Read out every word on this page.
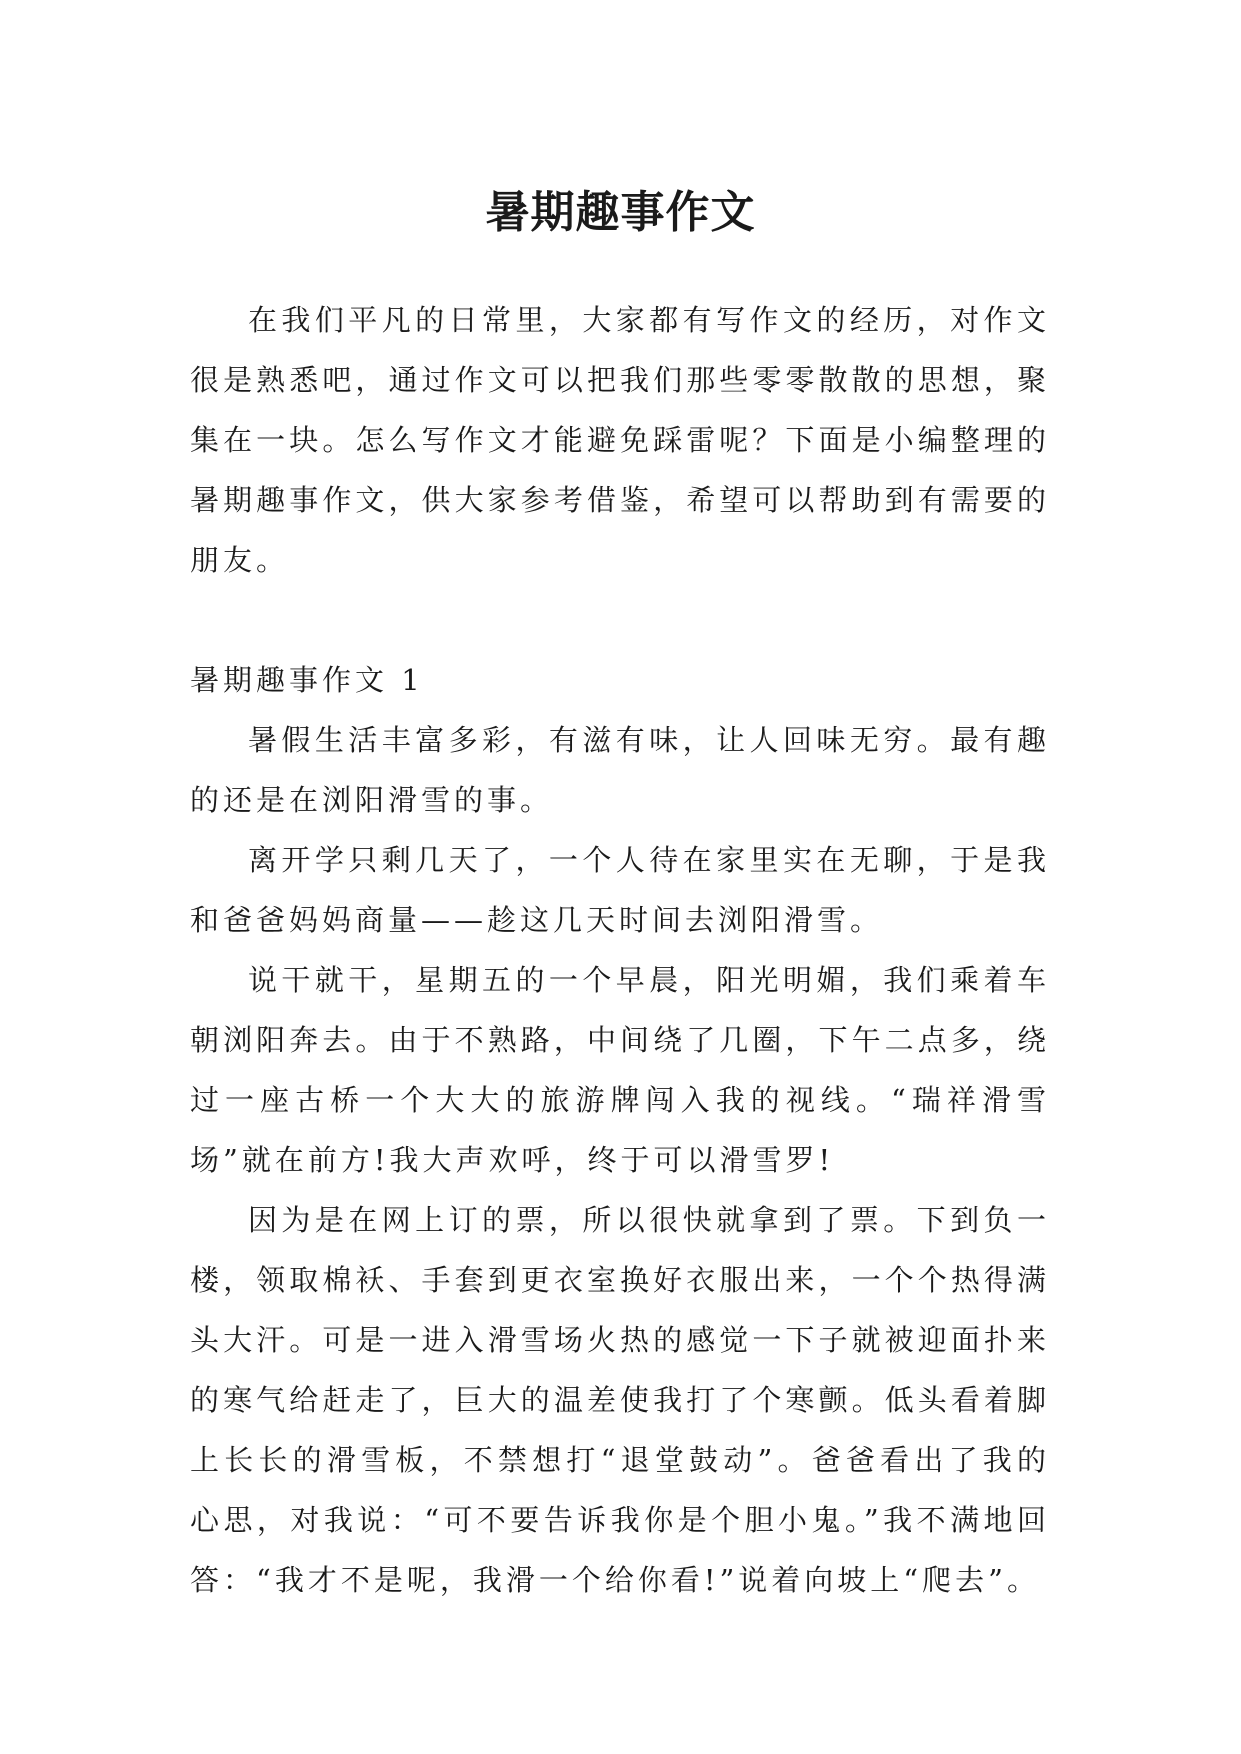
暑期趣事作文

在我们平凡的日常里，大家都有写作文的经历，对作文很是熟悉吧，通过作文可以把我们那些零零散散的思想，聚集在一块。怎么写作文才能避免踩雷呢？下面是小编整理的暑期趣事作文，供大家参考借鉴，希望可以帮助到有需要的朋友。

暑期趣事作文 1

暑假生活丰富多彩，有滋有味，让人回味无穷。最有趣的还是在浏阳滑雪的事。

离开学只剩几天了，一个人待在家里实在无聊，于是我和爸爸妈妈商量——趁这几天时间去浏阳滑雪。

说干就干，星期五的一个早晨，阳光明媚，我们乘着车朝浏阳奔去。由于不熟路，中间绕了几圈，下午二点多，绕过一座古桥一个大大的旅游牌闯入我的视线。“瑞祥滑雪场”就在前方!我大声欢呼，终于可以滑雪罗!

因为是在网上订的票，所以很快就拿到了票。下到负一楼，领取棉袄、手套到更衣室换好衣服出来，一个个热得满头大汗。可是一进入滑雪场火热的感觉一下子就被迎面扑来的寒气给赶走了，巨大的温差使我打了个寒颤。低头看着脚上长长的滑雪板，不禁想打“退堂鼓动”。爸爸看出了我的心思，对我说：“可不要告诉我你是个胆小鬼。”我不满地回答：“我才不是呢，我滑一个给你看!”说着向坡上“爬去”。
